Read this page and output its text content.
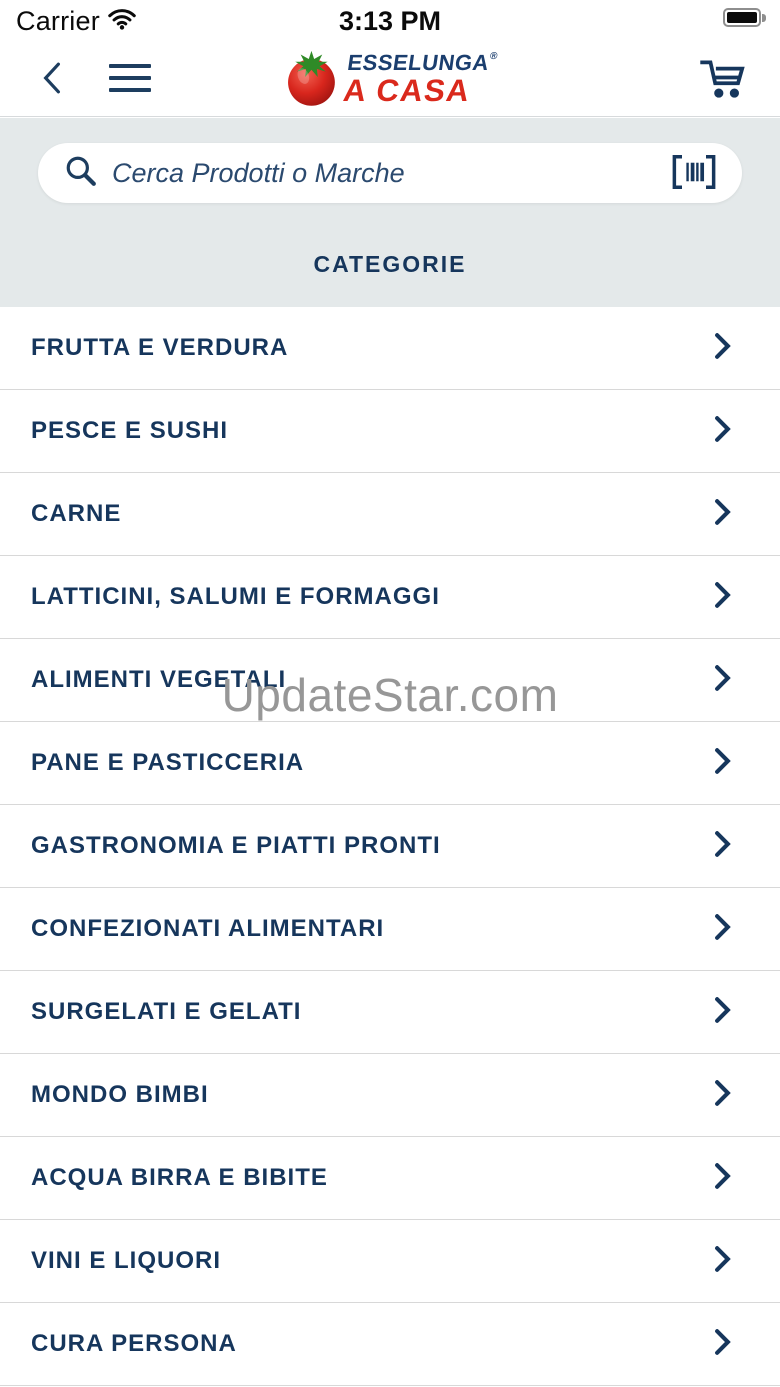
Carrier	3:13 PM
ESSELUNGA®
A CASA
Cerca Prodotti o Marche
CATEGORIE
FRUTTA E VERDURA
PESCE E SUSHI
CARNE
LATTICINI, SALUMI E FORMAGGI
ALIMENTI VEGETALI
PANE E PASTICCERIA
GASTRONOMIA E PIATTI PRONTI
CONFEZIONATI ALIMENTARI
SURGELATI E GELATI
MONDO BIMBI
ACQUA BIRRA E BIBITE
VINI E LIQUORI
CURA PERSONA
UpdateStar.com
